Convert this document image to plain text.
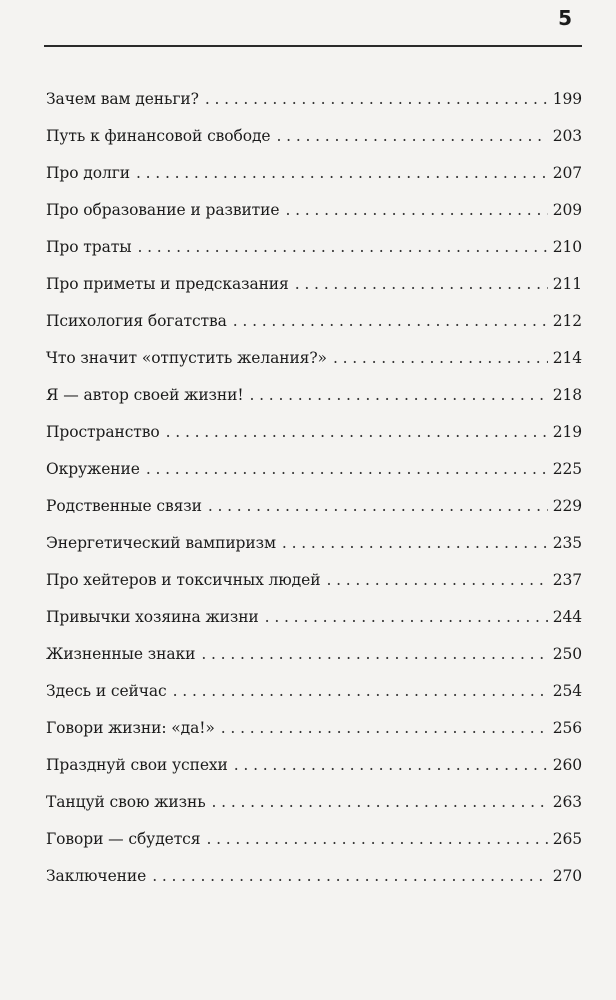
5
Зачем вам деньги? . . .	199
Путь к финансовой свободе . . .	203
Про долги . . .	207
Про образование и развитие . . .	209
Про траты . . .	210
Про приметы и предсказания . . .	211
Психология богатства . . .	212
Что значит «отпустить желания?» . . .	214
Я — автор своей жизни! . . .	218
Пространство . . .	219
Окружение . . .	225
Родственные связи . . .	229
Энергетический вампиризм . . .	235
Про хейтеров и токсичных людей . . .	237
Привычки хозяина жизни . . .	244
Жизненные знаки . . .	250
Здесь и сейчас . . .	254
Говори жизни: «да!» . . .	256
Празднуй свои успехи . . .	260
Танцуй свою жизнь . . .	263
Говори — сбудется . . .	265
Заключение . . .	270
